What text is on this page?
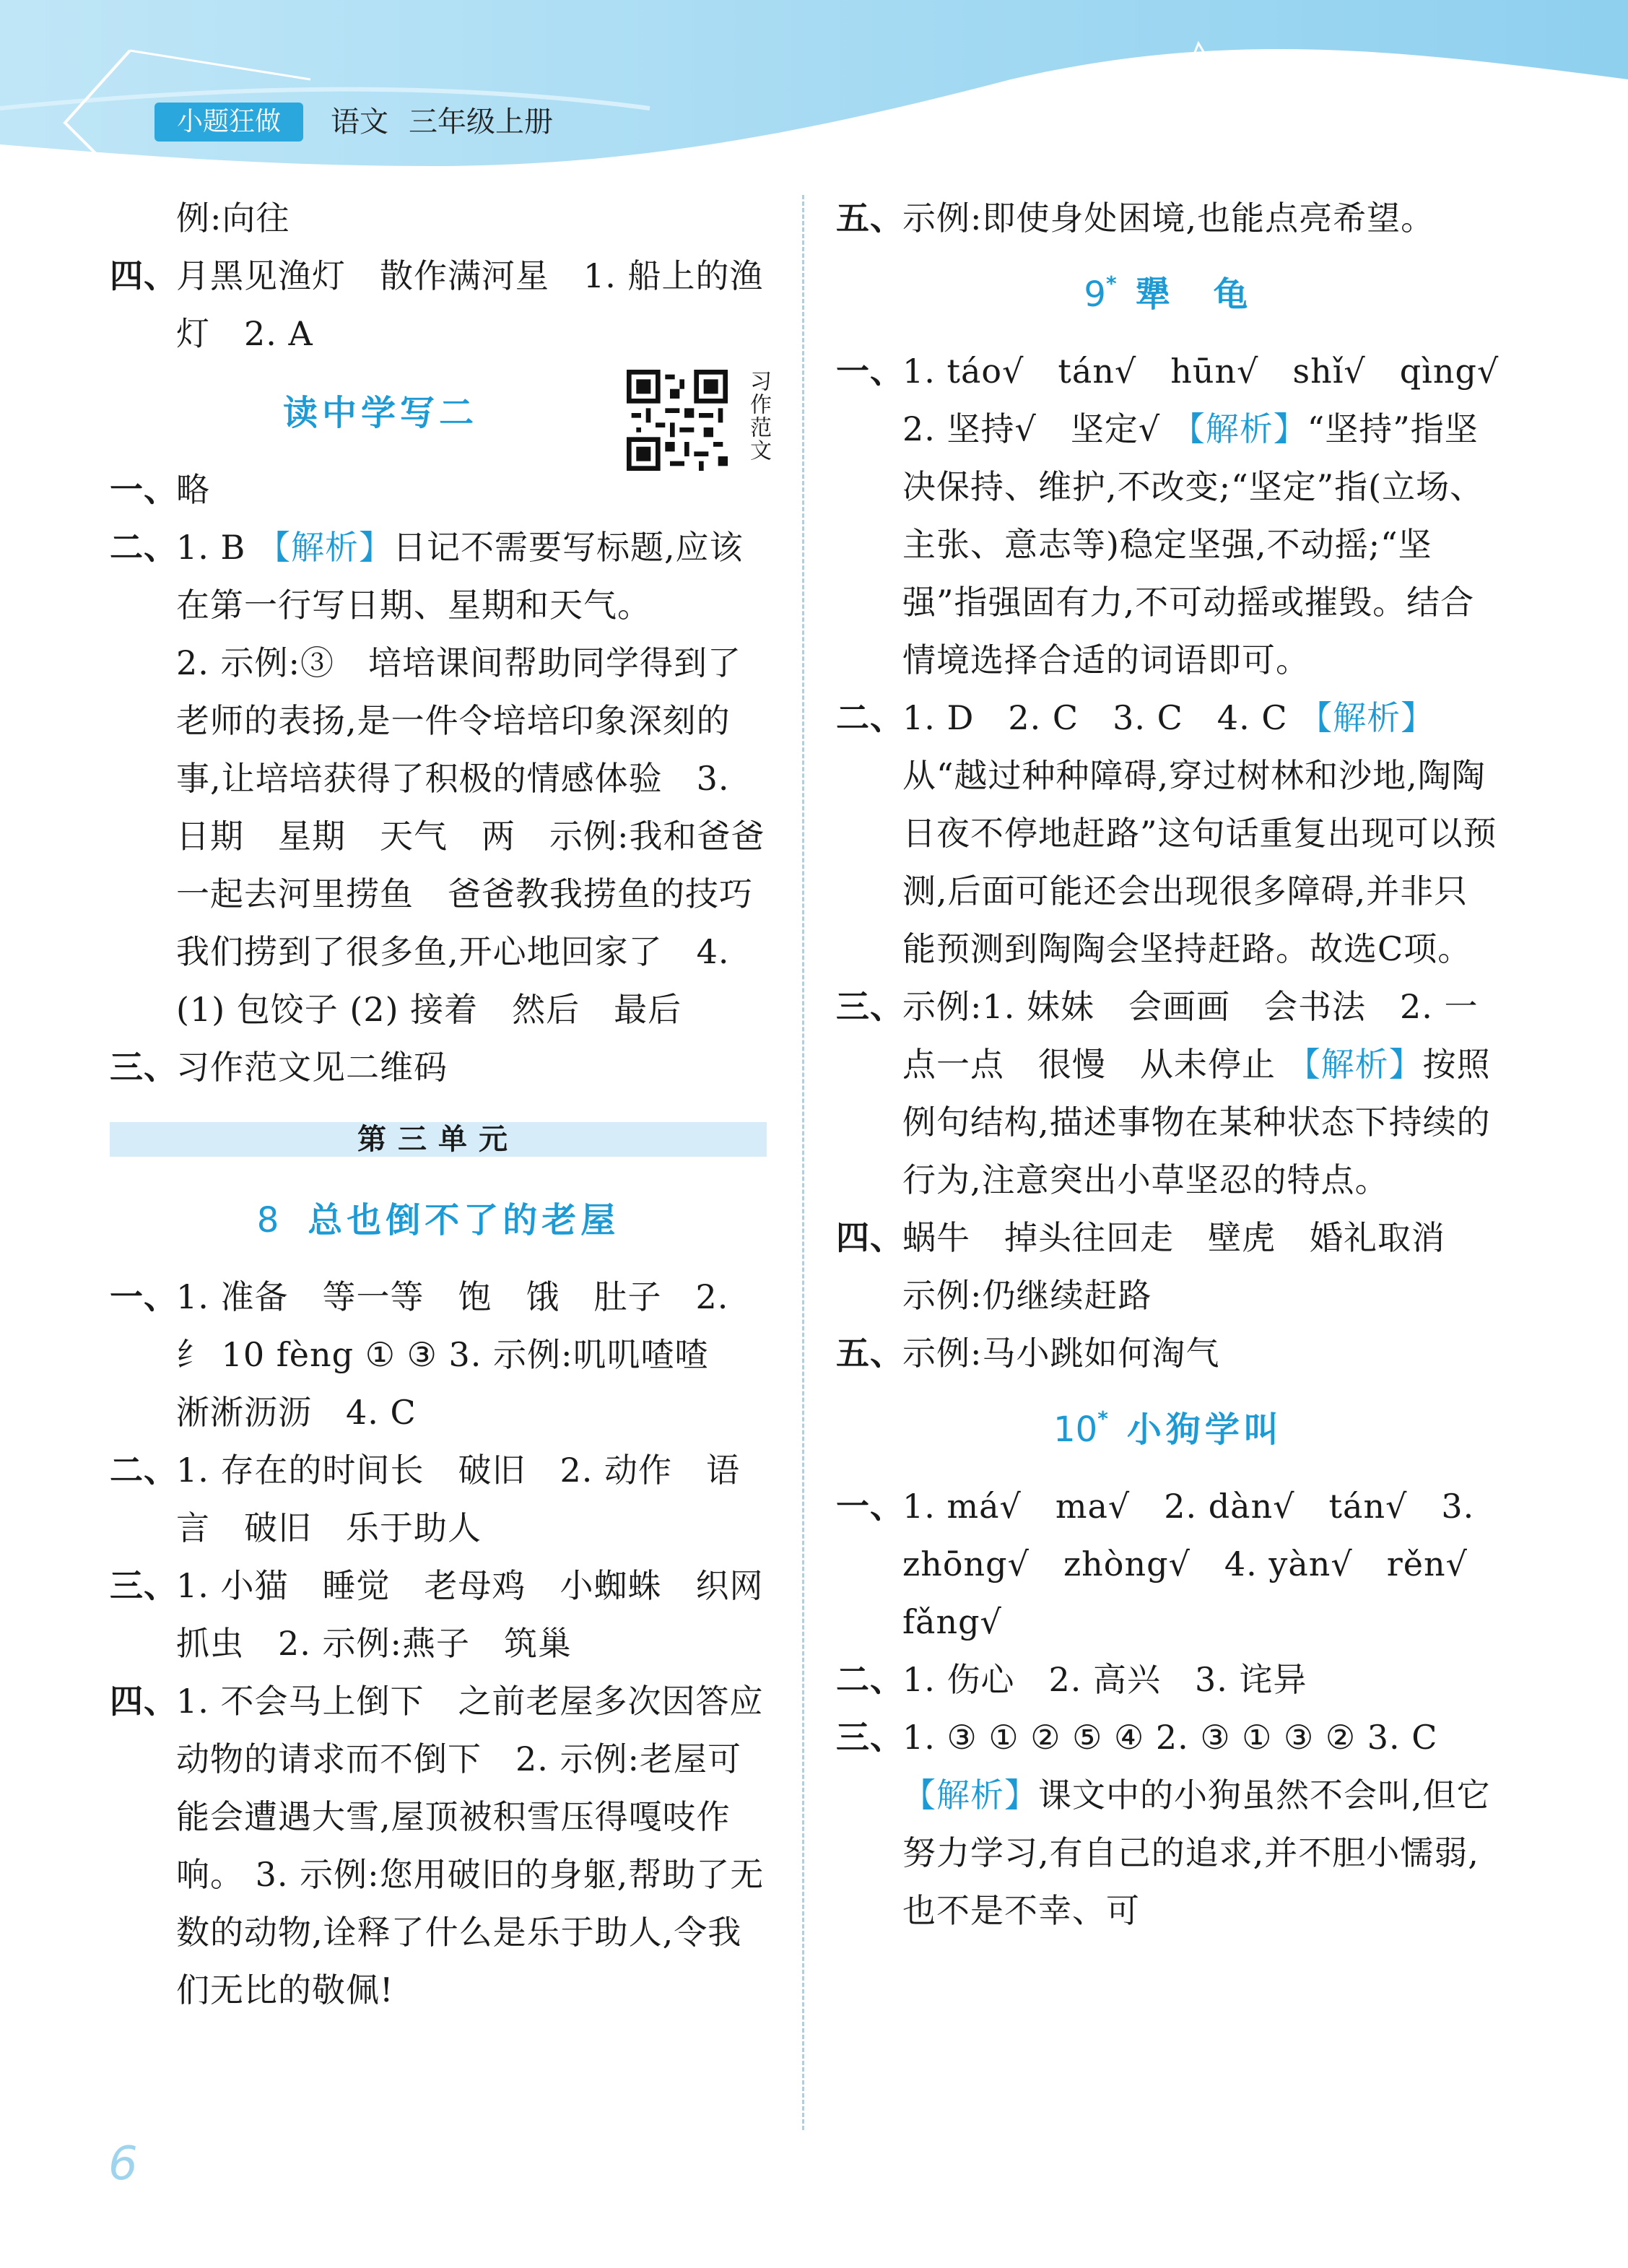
小题狂做	语文 三年级上册

例:向往

四、
月黑见渔灯　散作满河星　1. 船上的渔灯　2. A

读中学写二

一、
略

二、
1. B 【解析】日记不需要写标题,应该在第一行写日期、星期和天气。

2. 示例:③　培培课间帮助同学得到了老师的表扬,是一件令培培印象深刻的事,让培培获得了积极的情感体验　3. 日期　星期　天气　两　示例:我和爸爸一起去河里捞鱼　爸爸教我捞鱼的技巧　我们捞到了很多鱼,开心地回家了　4. (1) 包饺子 (2) 接着　然后　最后

三、
习作范文见二维码

第三单元
8 总也倒不了的老屋

一、
1. 准备　等一等　饱　饿　肚子　2. 纟 10 fèng ① ③ 3. 示例:叽叽喳喳　淅淅沥沥　4. C

二、
1. 存在的时间长　破旧　2. 动作　语言　破旧　乐于助人

三、
1. 小猫　睡觉　老母鸡　小蜘蛛　织网抓虫　2. 示例:燕子　筑巢

四、
1. 不会马上倒下　之前老屋多次因答应动物的请求而不倒下　2. 示例:老屋可能会遭遇大雪,屋顶被积雪压得嘎吱作响。 3. 示例:您用破旧的身躯,帮助了无数的动物,诠释了什么是乐于助人,令我们无比的敬佩!

习作范文

五、
示例:即使身处困境,也能点亮希望。

9* 犟　龟

一、
1. táo√　tán√　hūn√　shǐ√　qìng√　2. 坚持√　坚定√ 【解析】“坚持”指坚决保持、维护,不改变;“坚定”指(立场、主张、意志等)稳定坚强,不动摇;“坚强”指强固有力,不可动摇或摧毁。结合情境选择合适的词语即可。

二、
1. D　2. C　3. C　4. C 【解析】从“越过种种障碍,穿过树林和沙地,陶陶日夜不停地赶路”这句话重复出现可以预测,后面可能还会出现很多障碍,并非只能预测到陶陶会坚持赶路。故选C项。

三、
示例:1. 妹妹　会画画　会书法　2. 一点一点　很慢　从未停止 【解析】按照例句结构,描述事物在某种状态下持续的行为,注意突出小草坚忍的特点。

四、
蜗牛　掉头往回走　壁虎　婚礼取消　示例:仍继续赶路

五、
示例:马小跳如何淘气

10* 小狗学叫

一、
1. má√　ma√　2. dàn√　tán√　3. zhōng√　zhòng√　4. yàn√　rěn√　fǎng√

二、
1. 伤心　2. 高兴　3. 诧异

三、
1. ③ ① ② ⑤ ④ 2. ③ ① ③ ② 3. C 【解析】课文中的小狗虽然不会叫,但它努力学习,有自己的追求,并不胆小懦弱,也不是不幸、可

6
